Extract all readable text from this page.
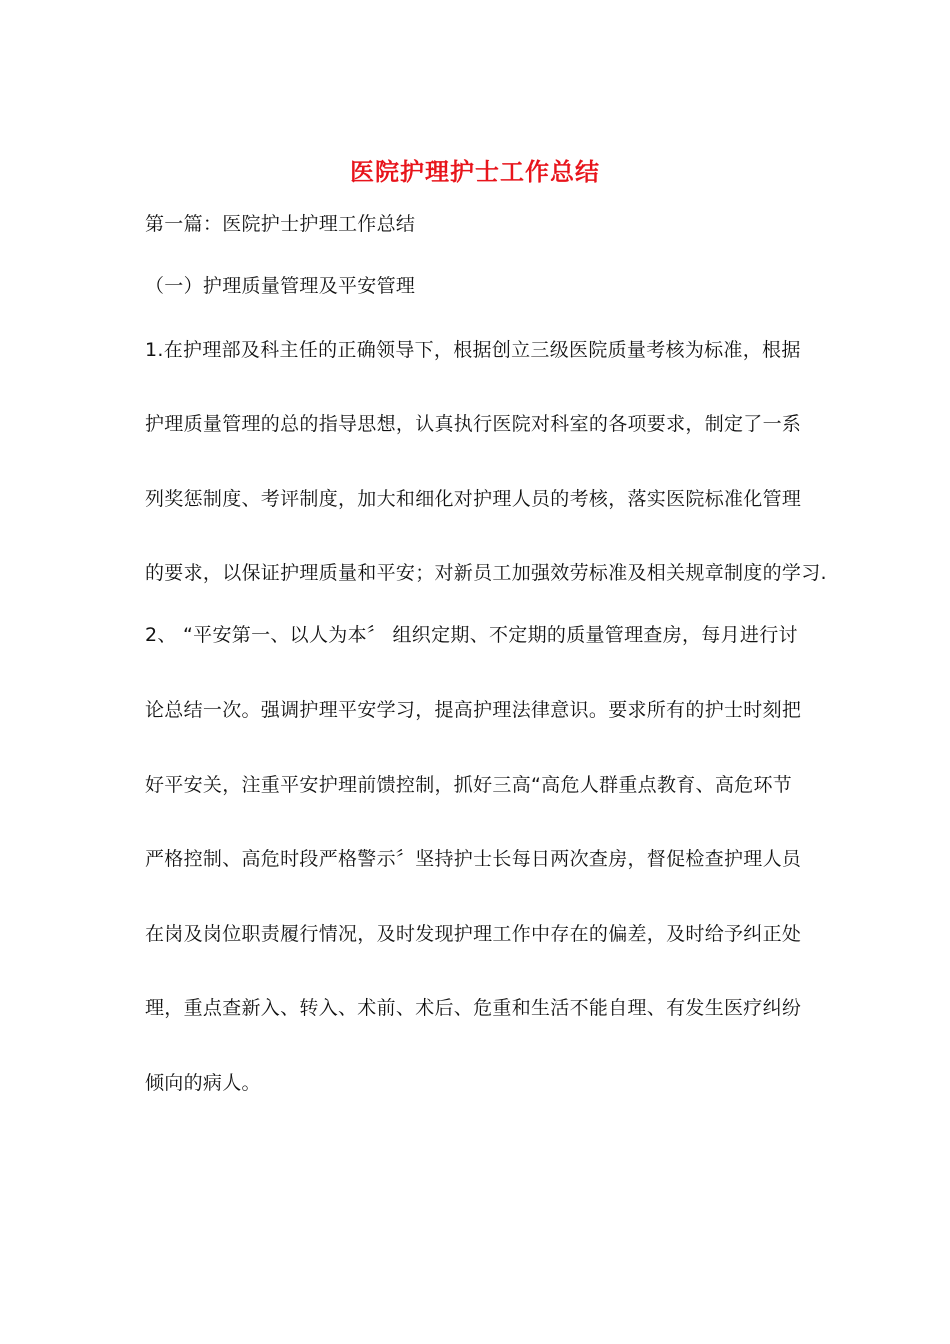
医院护理护士工作总结
第一篇：医院护士护理工作总结
（一）护理质量管理及平安管理
1.在护理部及科主任的正确领导下，根据创立三级医院质量考核为标准，根据
护理质量管理的总的指导思想，认真执行医院对科室的各项要求，制定了一系
列奖惩制度、考评制度，加大和细化对护理人员的考核，落实医院标准化管理
的要求，以保证护理质量和平安；对新员工加强效劳标准及相关规章制度的学习.
2、 “平安第一、以人为本〞 组织定期、不定期的质量管理查房，每月进行讨
论总结一次。强调护理平安学习，提高护理法律意识。要求所有的护士时刻把
好平安关，注重平安护理前馈控制，抓好三高“高危人群重点教育、高危环节
严格控制、高危时段严格警示〞坚持护士长每日两次查房，督促检查护理人员
在岗及岗位职责履行情况，及时发现护理工作中存在的偏差，及时给予纠正处
理，重点查新入、转入、术前、术后、危重和生活不能自理、有发生医疗纠纷
倾向的病人。
